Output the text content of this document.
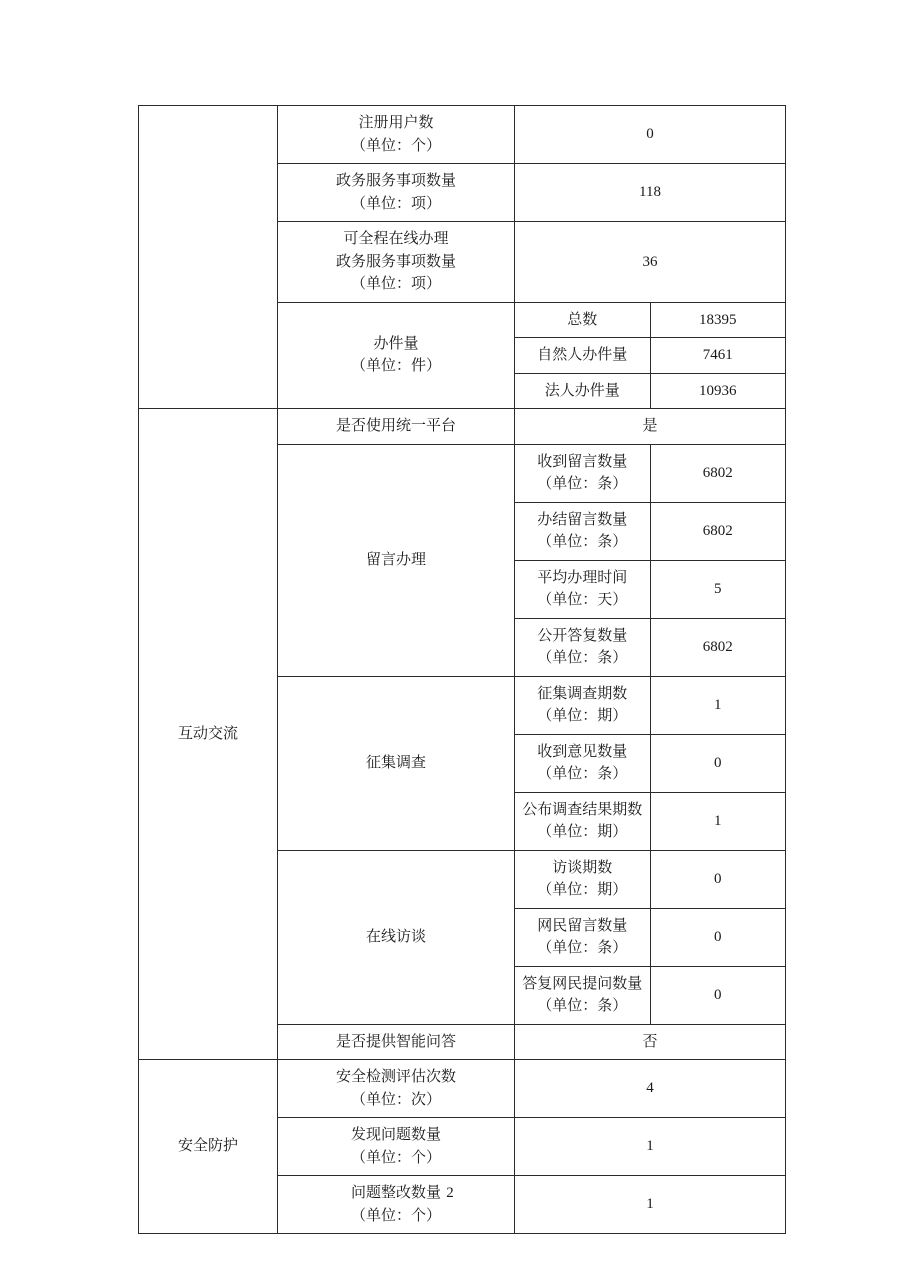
	注册用户数
（单位：个）	0	

	政务服务事项数量
（单位：项）	118	

	可全程在线办理
政务服务事项数量
（单位：项）	36	

	办件量
（单位：件）	总数	18395
		自然人办件量	7461
		法人办件量	10936
互动交流	是否使用统一平台	是	
	留言办理	收到留言数量
（单位：条）	6802

		办结留言数量
（单位：条）	6802

		平均办理时间
（单位：天）	5

		公开答复数量
（单位：条）	6802
	征集调查	征集调查期数
（单位：期）	1

		收到意见数量
（单位：条）	0

		公布调查结果期数
（单位：期）	1
	在线访谈	访谈期数
（单位：期）	0

		网民留言数量
（单位：条）	0

		答复网民提问数量
（单位：条）	0
	是否提供智能问答	否	
安全防护	安全检测评估次数
（单位：次）	4	

	发现问题数量
（单位：个）	1	

	问题整改数量
（单位：个）	1	
2
